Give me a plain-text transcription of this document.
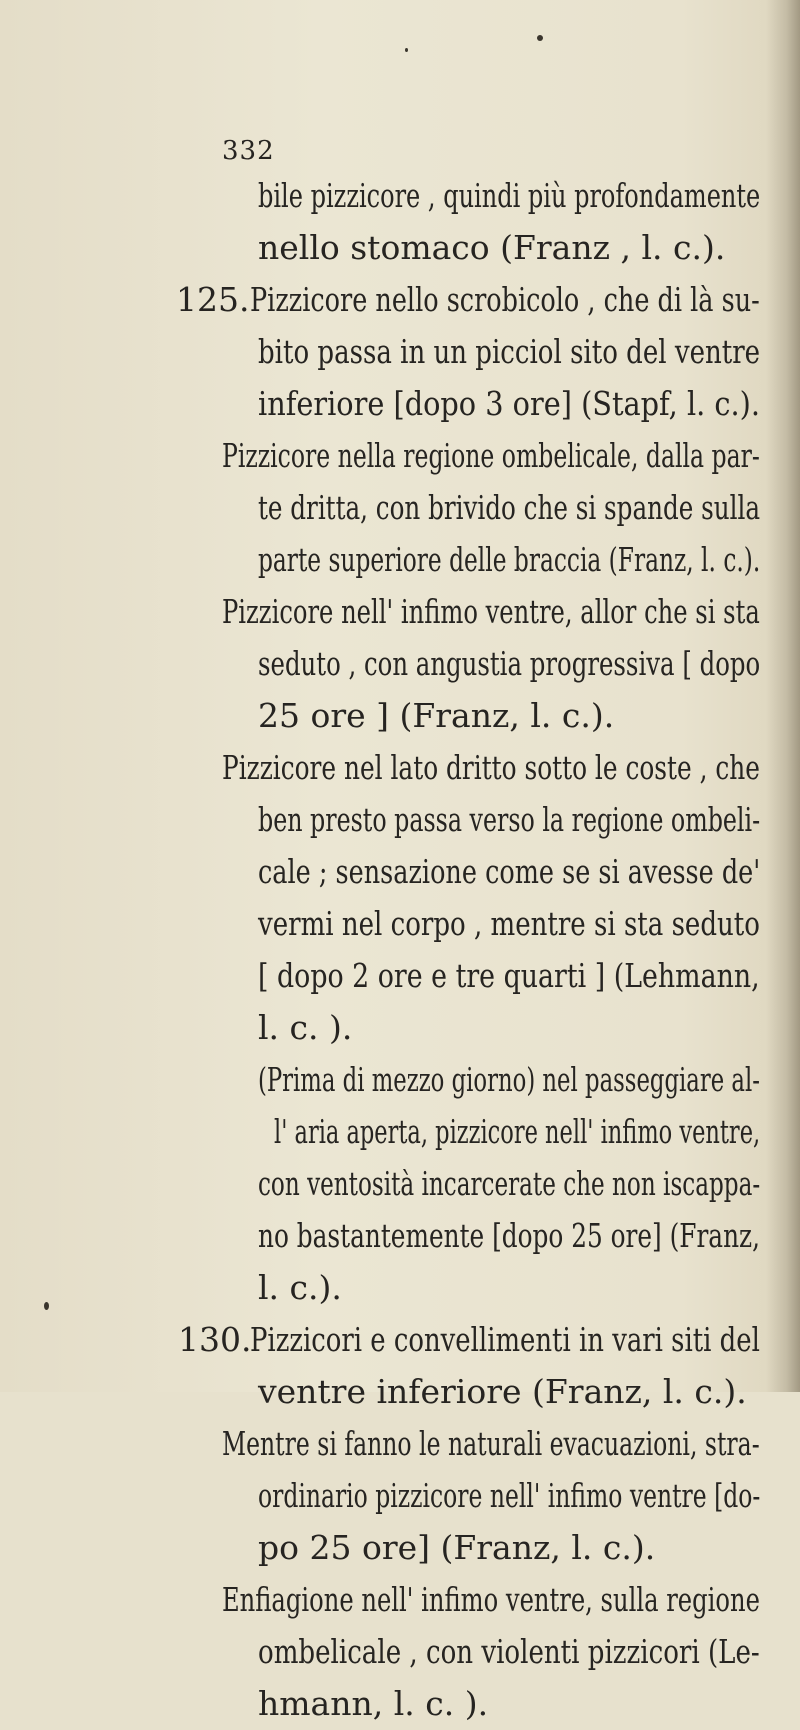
332
bile pizzicore , quindi più profondamente
nello stomaco (Franz , l. c.).
125. Pizzicore nello scrobicolo , che di là su-
bito passa in un picciol sito del ventre
inferiore [dopo 3 ore] (Stapf, l. c.).
Pizzicore nella regione ombelicale, dalla par-
te dritta, con brivido che si spande sulla
parte superiore delle braccia (Franz, l. c.).
Pizzicore nell' infimo ventre, allor che si sta
seduto , con angustia progressiva [ dopo
25 ore ] (Franz, l. c.).
Pizzicore nel lato dritto sotto le coste , che
ben presto passa verso la regione ombeli-
cale ; sensazione come se si avesse de'
vermi nel corpo , mentre si sta seduto
[ dopo 2 ore e tre quarti ] (Lehmann,
l. c. ).
(Prima di mezzo giorno) nel passeggiare al-
l' aria aperta, pizzicore nell' infimo ventre,
con ventosità incarcerate che non iscappa-
no bastantemente [dopo 25 ore] (Franz,
l. c.).
130.
Pizzicori e convellimenti in vari siti del
ventre inferiore (Franz, l. c.).
Mentre si fanno le naturali evacuazioni, stra-
ordinario pizzicore nell' infimo ventre [do-
po 25 ore] (Franz, l. c.).
Enfiagione nell' infimo ventre, sulla regione
ombelicale , con violenti pizzicori (Le-
hmann, l. c. ).
